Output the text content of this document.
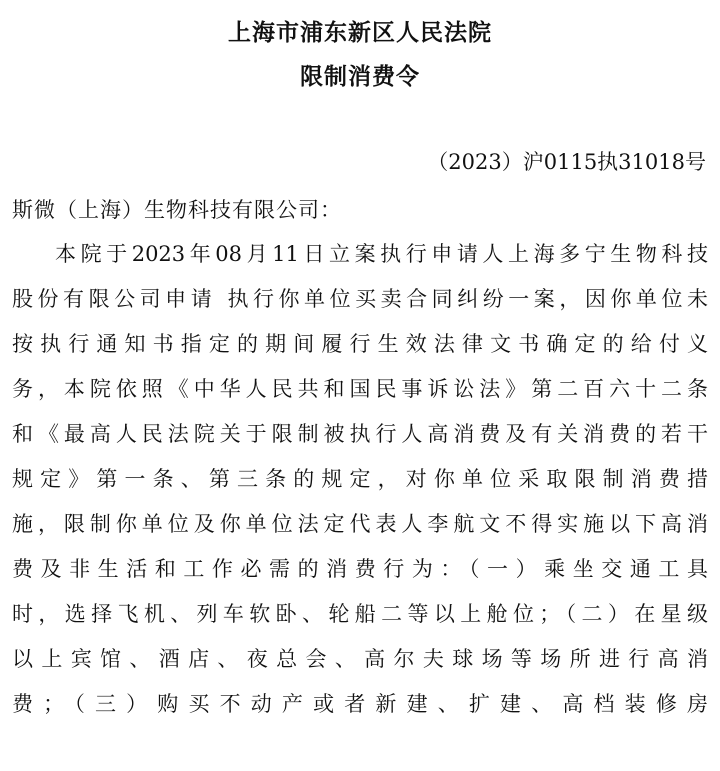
上海市浦东新区人民法院
限制消费令
（2023）沪0115执31018号
斯微（上海）生物科技有限公司：
本院于2023年08月11日立案执行申请人上海多宁生物科技
股份有限公司申请 执行你单位买卖合同纠纷一案，因你单位未
按执行通知书指定的期间履行生效法律文书确定的给付义
务，本院依照《中华人民共和国民事诉讼法》第二百六十二条
和《最高人民法院关于限制被执行人高消费及有关消费的若干
规定》第一条、第三条的规定，对你单位采取限制消费措
施，限制你单位及你单位法定代表人李航文不得实施以下高消
费及非生活和工作必需的消费行为：（一）乘坐交通工具
时，选择飞机、列车软卧、轮船二等以上舱位；（二）在星级
以上宾馆、酒店、夜总会、高尔夫球场等场所进行高消
费；（三）购买不动产或者新建、扩建、高档装修房
